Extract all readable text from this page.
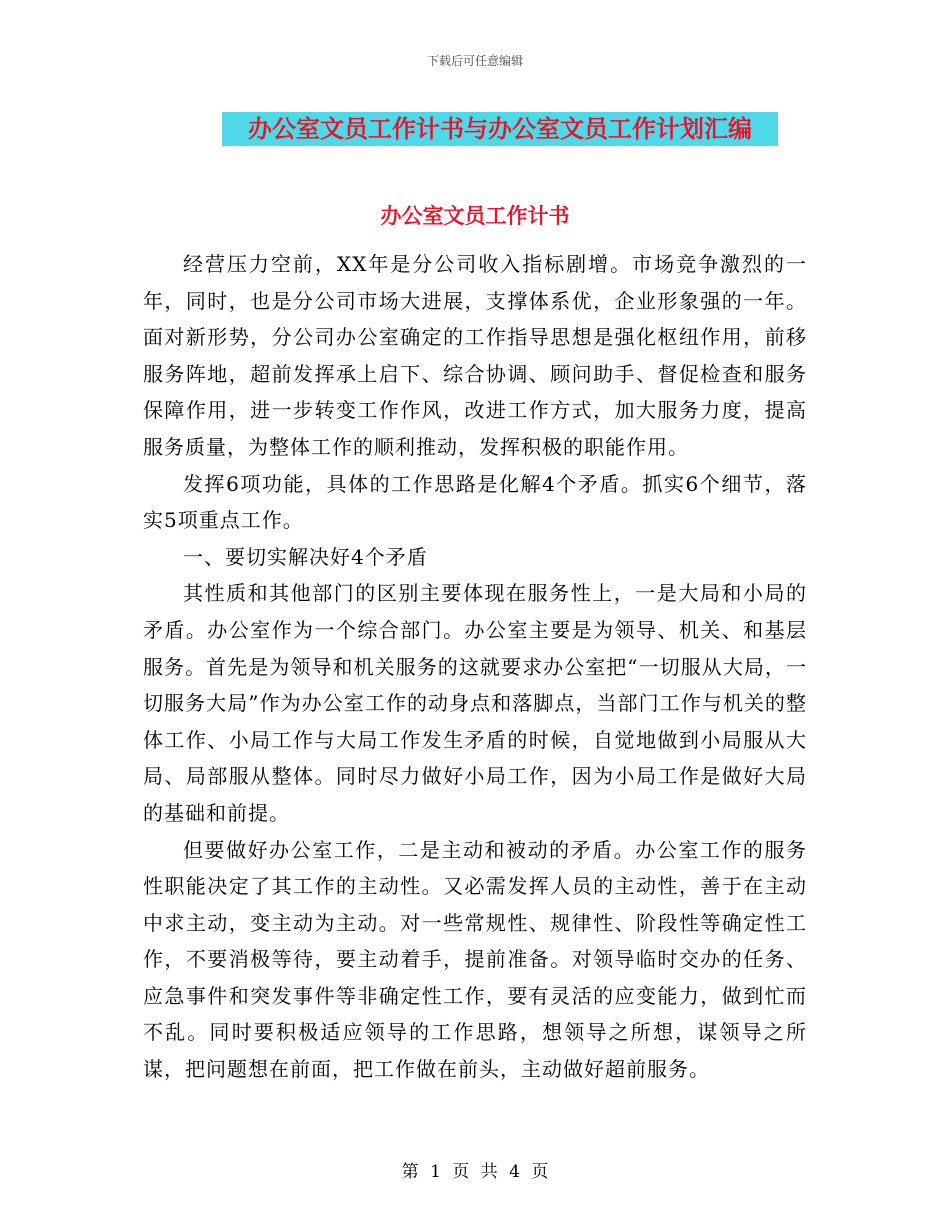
下载后可任意编辑
办公室文员工作计书与办公室文员工作计划汇编
办公室文员工作计书

经营压力空前，XX年是分公司收入指标剧增。市场竞争激烈的一年，同时，也是分公司市场大进展，支撑体系优，企业形象强的一年。面对新形势，分公司办公室确定的工作指导思想是强化枢纽作用，前移服务阵地，超前发挥承上启下、综合协调、顾问助手、督促检查和服务保障作用，进一步转变工作作风，改进工作方式，加大服务力度，提高服务质量，为整体工作的顺利推动，发挥积极的职能作用。

发挥6项功能，具体的工作思路是化解4个矛盾。抓实6个细节，落实5项重点工作。

一、要切实解决好4个矛盾

其性质和其他部门的区别主要体现在服务性上，一是大局和小局的矛盾。办公室作为一个综合部门。办公室主要是为领导、机关、和基层服务。首先是为领导和机关服务的这就要求办公室把“一切服从大局，一切服务大局”作为办公室工作的动身点和落脚点，当部门工作与机关的整体工作、小局工作与大局工作发生矛盾的时候，自觉地做到小局服从大局、局部服从整体。同时尽力做好小局工作，因为小局工作是做好大局的基础和前提。

但要做好办公室工作，二是主动和被动的矛盾。办公室工作的服务性职能决定了其工作的主动性。又必需发挥人员的主动性，善于在主动中求主动，变主动为主动。对一些常规性、规律性、阶段性等确定性工作，不要消极等待，要主动着手，提前准备。对领导临时交办的任务、应急事件和突发事件等非确定性工作，要有灵活的应变能力，做到忙而不乱。同时要积极适应领导的工作思路，想领导之所想，谋领导之所谋，把问题想在前面，把工作做在前头，主动做好超前服务。

第 1 页 共 4 页
